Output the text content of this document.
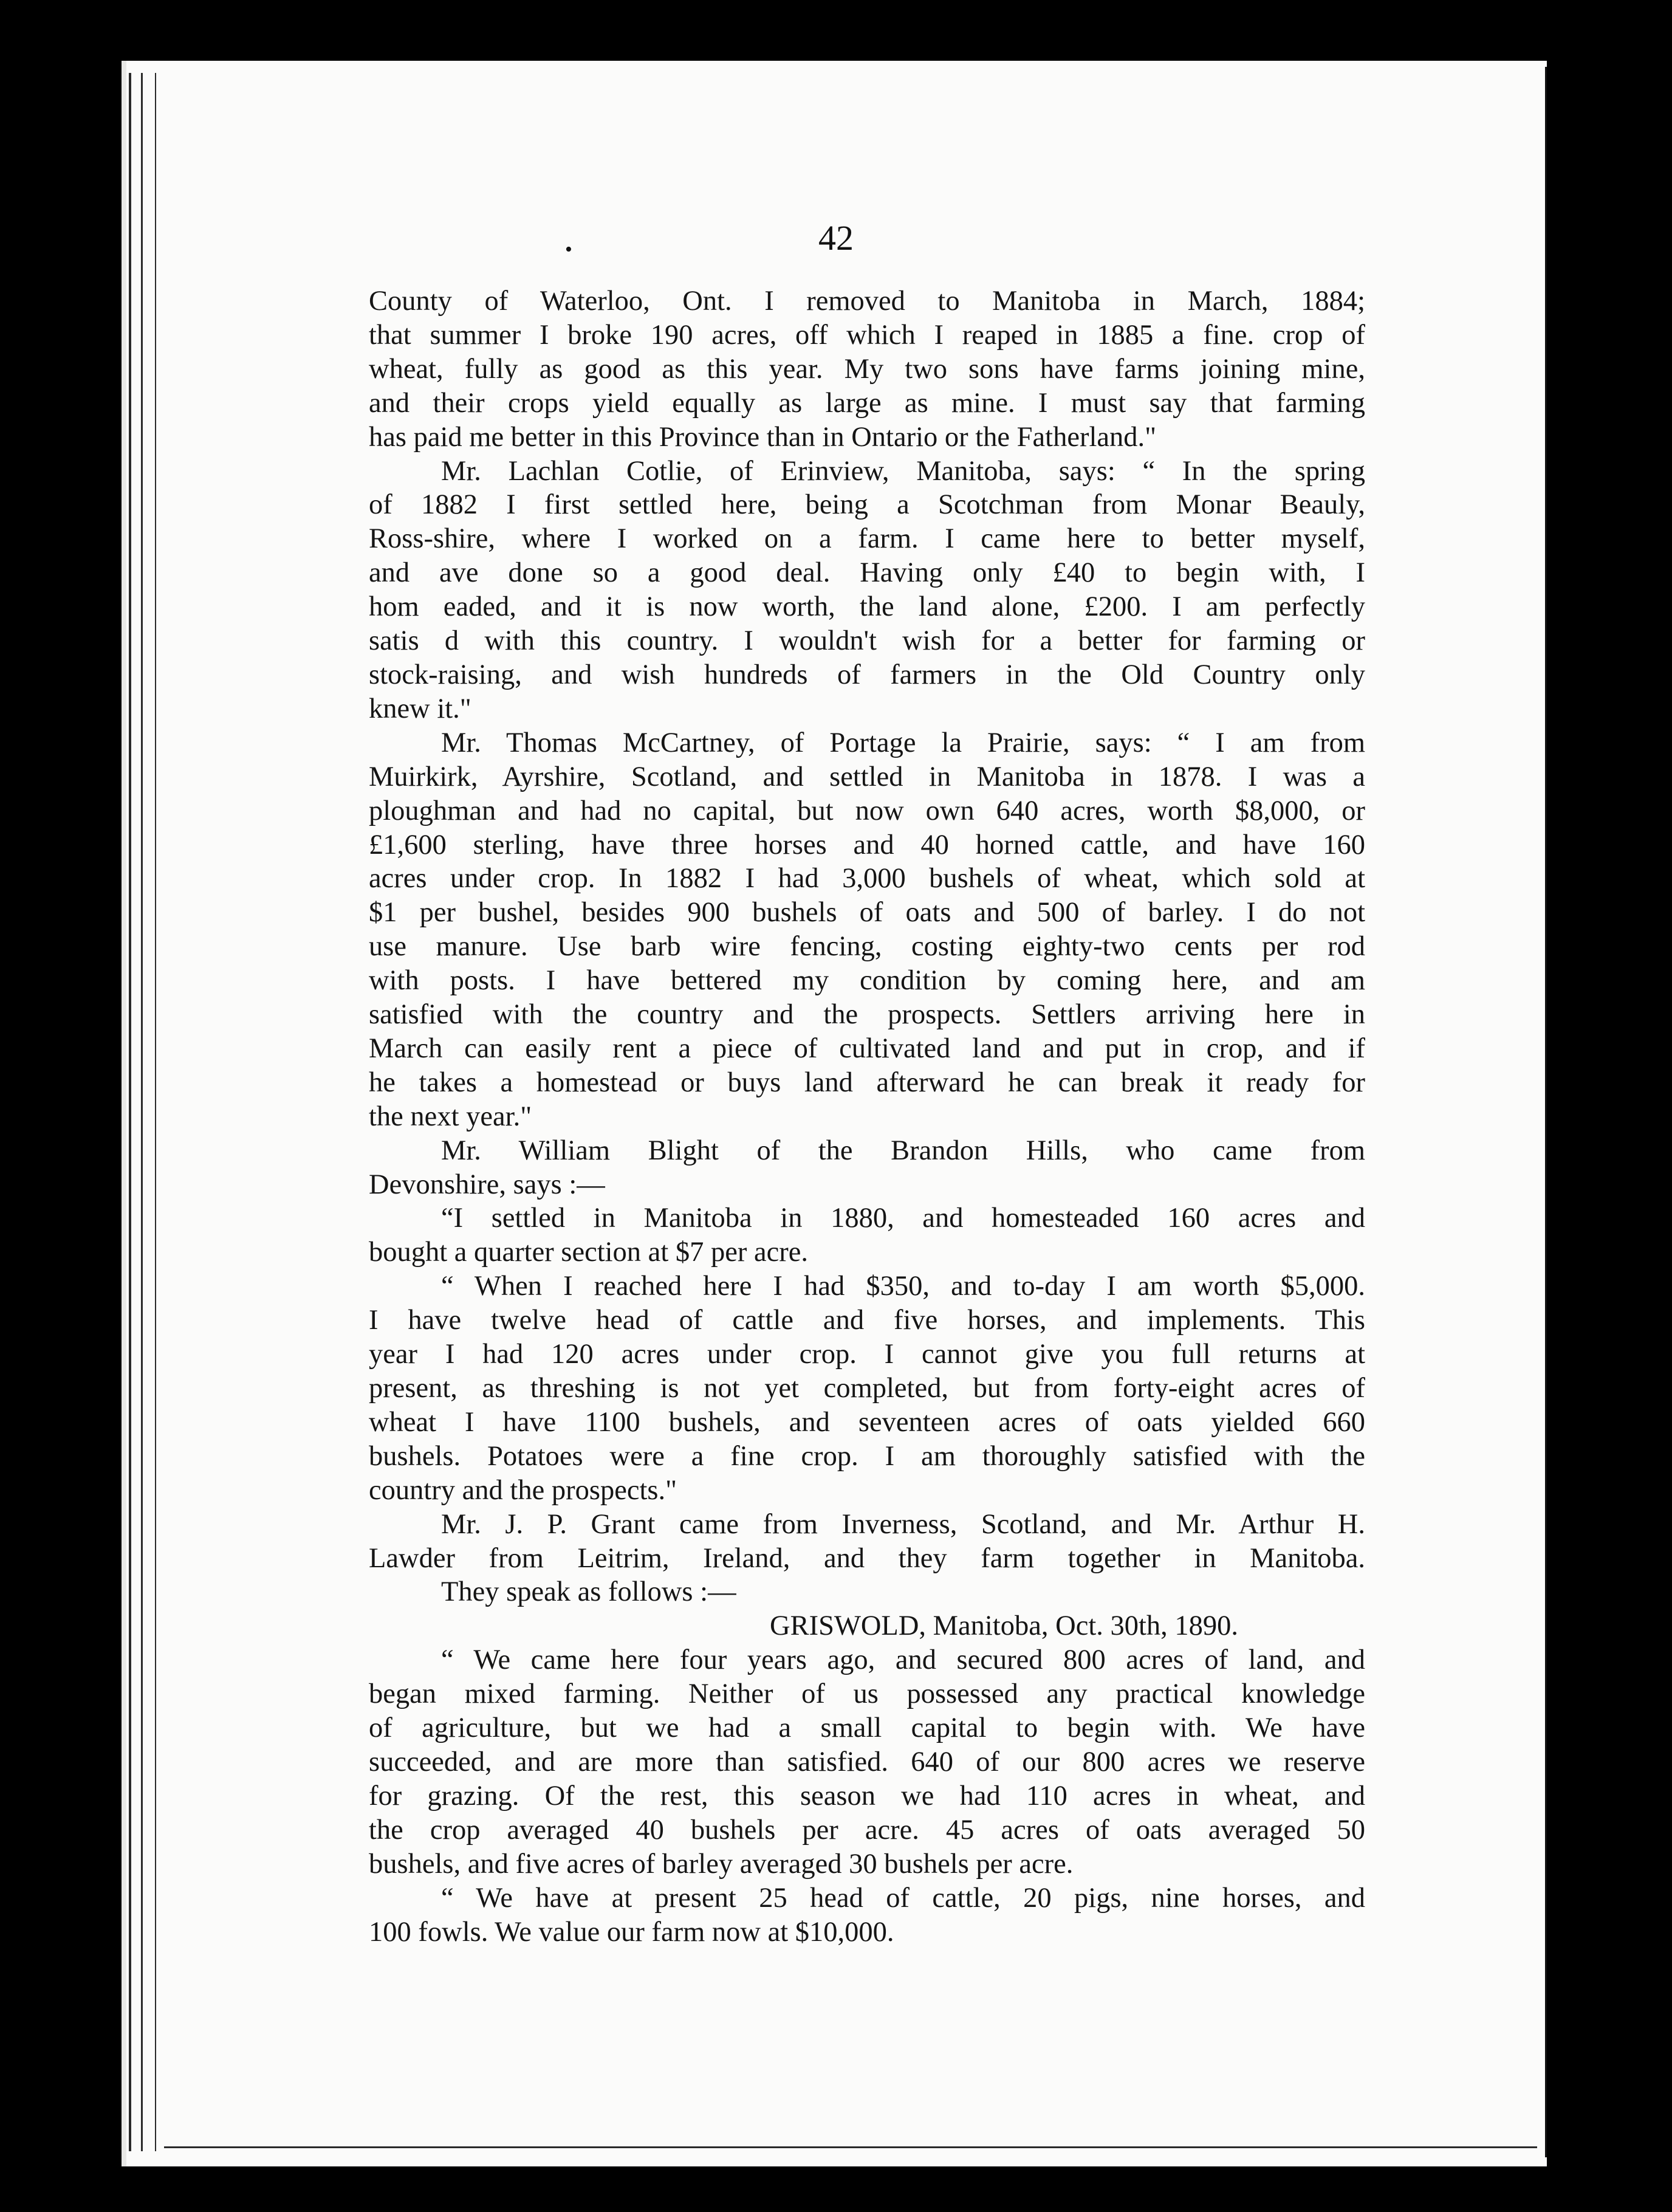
•	42
County of Waterloo, Ont. I removed to Manitoba in March, 1884;
that summer I broke 190 acres, off which I reaped in 1885 a fine. crop of
wheat, fully as good as this year. My two sons have farms joining mine,
and their crops yield equally as large as mine. I must say that farming
has paid me better in this Province than in Ontario or the Fatherland."
Mr. Lachlan Cotlie, of Erinview, Manitoba, says: “ In the spring
of 1882 I first settled here, being a Scotchman from Monar Beauly,
Ross-shire, where I worked on a farm. I came here to better myself,
and ave done so a good deal. Having only £40 to begin with, I
hom eaded, and it is now worth, the land alone, £200. I am perfectly
satis d with this country. I wouldn't wish for a better for farming or
stock-raising, and wish hundreds of farmers in the Old Country only
knew it."
Mr. Thomas McCartney, of Portage la Prairie, says: “ I am from
Muirkirk, Ayrshire, Scotland, and settled in Manitoba in 1878. I was a
ploughman and had no capital, but now own 640 acres, worth $8,000, or
£1,600 sterling, have three horses and 40 horned cattle, and have 160
acres under crop. In 1882 I had 3,000 bushels of wheat, which sold at
$1 per bushel, besides 900 bushels of oats and 500 of barley. I do not
use manure. Use barb wire fencing, costing eighty-two cents per rod
with posts. I have bettered my condition by coming here, and am
satisfied with the country and the prospects. Settlers arriving here in
March can easily rent a piece of cultivated land and put in crop, and if
he takes a homestead or buys land afterward he can break it ready for
the next year."
Mr. William Blight of the Brandon Hills, who came from
Devonshire, says :—
“I settled in Manitoba in 1880, and homesteaded 160 acres and
bought a quarter section at $7 per acre.
“ When I reached here I had $350, and to-day I am worth $5,000.
I have twelve head of cattle and five horses, and implements. This
year I had 120 acres under crop. I cannot give you full returns at
present, as threshing is not yet completed, but from forty-eight acres of
wheat I have 1100 bushels, and seventeen acres of oats yielded 660
bushels. Potatoes were a fine crop. I am thoroughly satisfied with the
country and the prospects."
Mr. J. P. Grant came from Inverness, Scotland, and Mr. Arthur H.
Lawder from Leitrim, Ireland, and they farm together in Manitoba.
They speak as follows :—
GRISWOLD, Manitoba, Oct. 30th, 1890.
“ We came here four years ago, and secured 800 acres of land, and
began mixed farming. Neither of us possessed any practical knowledge
of agriculture, but we had a small capital to begin with. We have
succeeded, and are more than satisfied. 640 of our 800 acres we reserve
for grazing. Of the rest, this season we had 110 acres in wheat, and
the crop averaged 40 bushels per acre. 45 acres of oats averaged 50
bushels, and five acres of barley averaged 30 bushels per acre.
“ We have at present 25 head of cattle, 20 pigs, nine horses, and
100 fowls. We value our farm now at $10,000.
